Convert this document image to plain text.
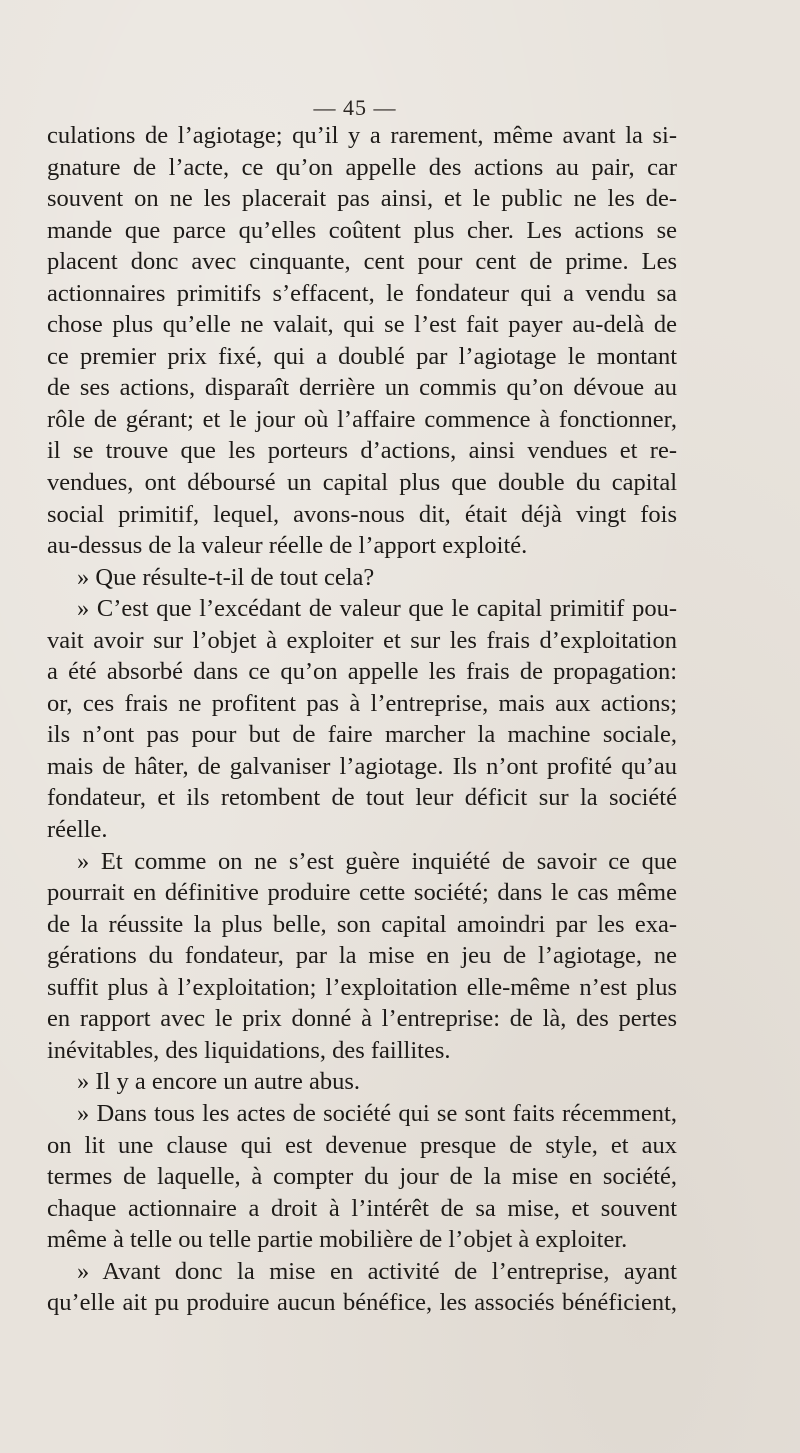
— 45 —
culations de l’agiotage; qu’il y a rarement, même avant la si-
gnature de l’acte, ce qu’on appelle des actions au pair, car
souvent on ne les placerait pas ainsi, et le public ne les de-
mande que parce qu’elles coûtent plus cher. Les actions se
placent donc avec cinquante, cent pour cent de prime. Les
actionnaires primitifs s’effacent, le fondateur qui a vendu sa
chose plus qu’elle ne valait, qui se l’est fait payer au-delà de
ce premier prix fixé, qui a doublé par l’agiotage le montant
de ses actions, disparaît derrière un commis qu’on dévoue au
rôle de gérant; et le jour où l’affaire commence à fonctionner,
il se trouve que les porteurs d’actions, ainsi vendues et re-
vendues, ont déboursé un capital plus que double du capital
social primitif, lequel, avons-nous dit, était déjà vingt fois
au-dessus de la valeur réelle de l’apport exploité.
» Que résulte-t-il de tout cela?
» C’est que l’excédant de valeur que le capital primitif pou-
vait avoir sur l’objet à exploiter et sur les frais d’exploitation
a été absorbé dans ce qu’on appelle les frais de propagation:
or, ces frais ne profitent pas à l’entreprise, mais aux actions;
ils n’ont pas pour but de faire marcher la machine sociale,
mais de hâter, de galvaniser l’agiotage. Ils n’ont profité qu’au
fondateur, et ils retombent de tout leur déficit sur la société
réelle.
» Et comme on ne s’est guère inquiété de savoir ce que
pourrait en définitive produire cette société; dans le cas même
de la réussite la plus belle, son capital amoindri par les exa-
gérations du fondateur, par la mise en jeu de l’agiotage, ne
suffit plus à l’exploitation; l’exploitation elle-même n’est plus
en rapport avec le prix donné à l’entreprise: de là, des pertes
inévitables, des liquidations, des faillites.
» Il y a encore un autre abus.
» Dans tous les actes de société qui se sont faits récemment,
on lit une clause qui est devenue presque de style, et aux
termes de laquelle, à compter du jour de la mise en société,
chaque actionnaire a droit à l’intérêt de sa mise, et souvent
même à telle ou telle partie mobilière de l’objet à exploiter.
» Avant donc la mise en activité de l’entreprise, ayant
qu’elle ait pu produire aucun bénéfice, les associés bénéficient,
